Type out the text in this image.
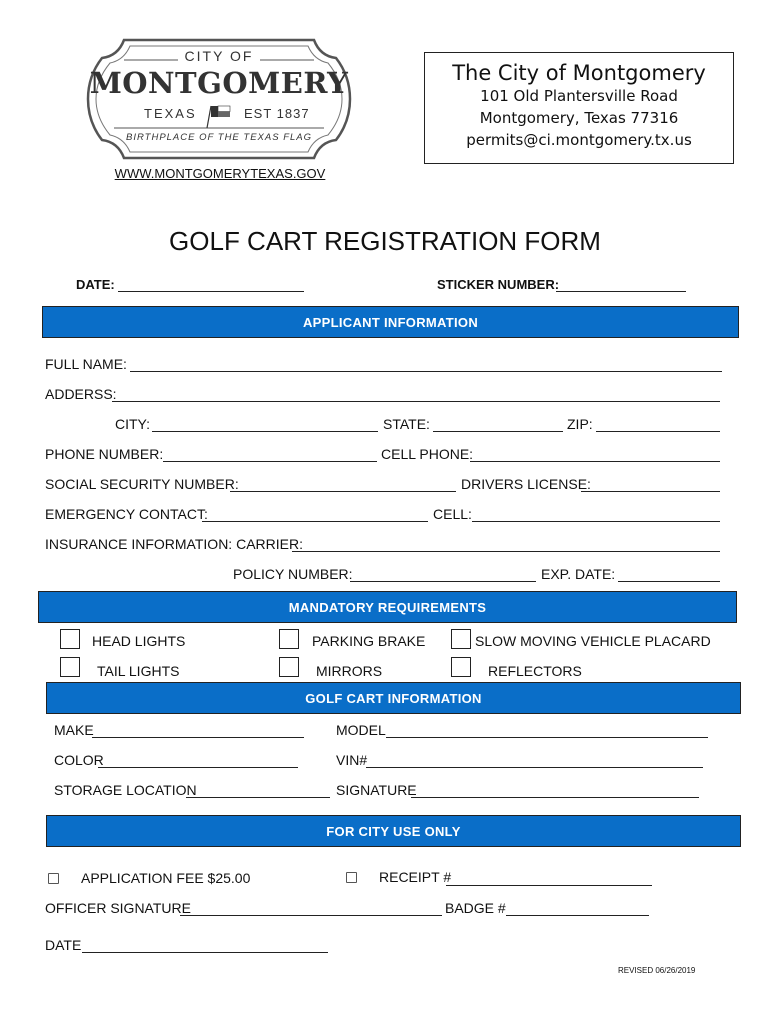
CITY OF
MONTGOMERY
TEXAS	EST 1837
BIRTHPLACE OF THE TEXAS FLAG
WWW.MONTGOMERYTEXAS.GOV
The City of Montgomery
101 Old Plantersville Road
Montgomery, Texas 77316
permits@ci.montgomery.tx.us
GOLF CART REGISTRATION FORM
DATE:	STICKER NUMBER:
APPLICANT INFORMATION
FULL NAME:
ADDERSS:
CITY:	STATE:	ZIP:
PHONE NUMBER:	CELL PHONE:
SOCIAL SECURITY NUMBER:	DRIVERS LICENSE:
EMERGENCY CONTACT:	CELL:
INSURANCE INFORMATION: CARRIER:
POLICY NUMBER:	EXP. DATE:
MANDATORY REQUIREMENTS
HEAD LIGHTS	PARKING BRAKE	SLOW MOVING VEHICLE PLACARD
TAIL LIGHTS	MIRRORS	REFLECTORS
GOLF CART INFORMATION
MAKE	MODEL
COLOR	VIN#
STORAGE LOCATION	SIGNATURE
FOR CITY USE ONLY
APPLICATION FEE $25.00	RECEIPT #
OFFICER SIGNATURE	BADGE #
DATE
REVISED 06/26/2019
